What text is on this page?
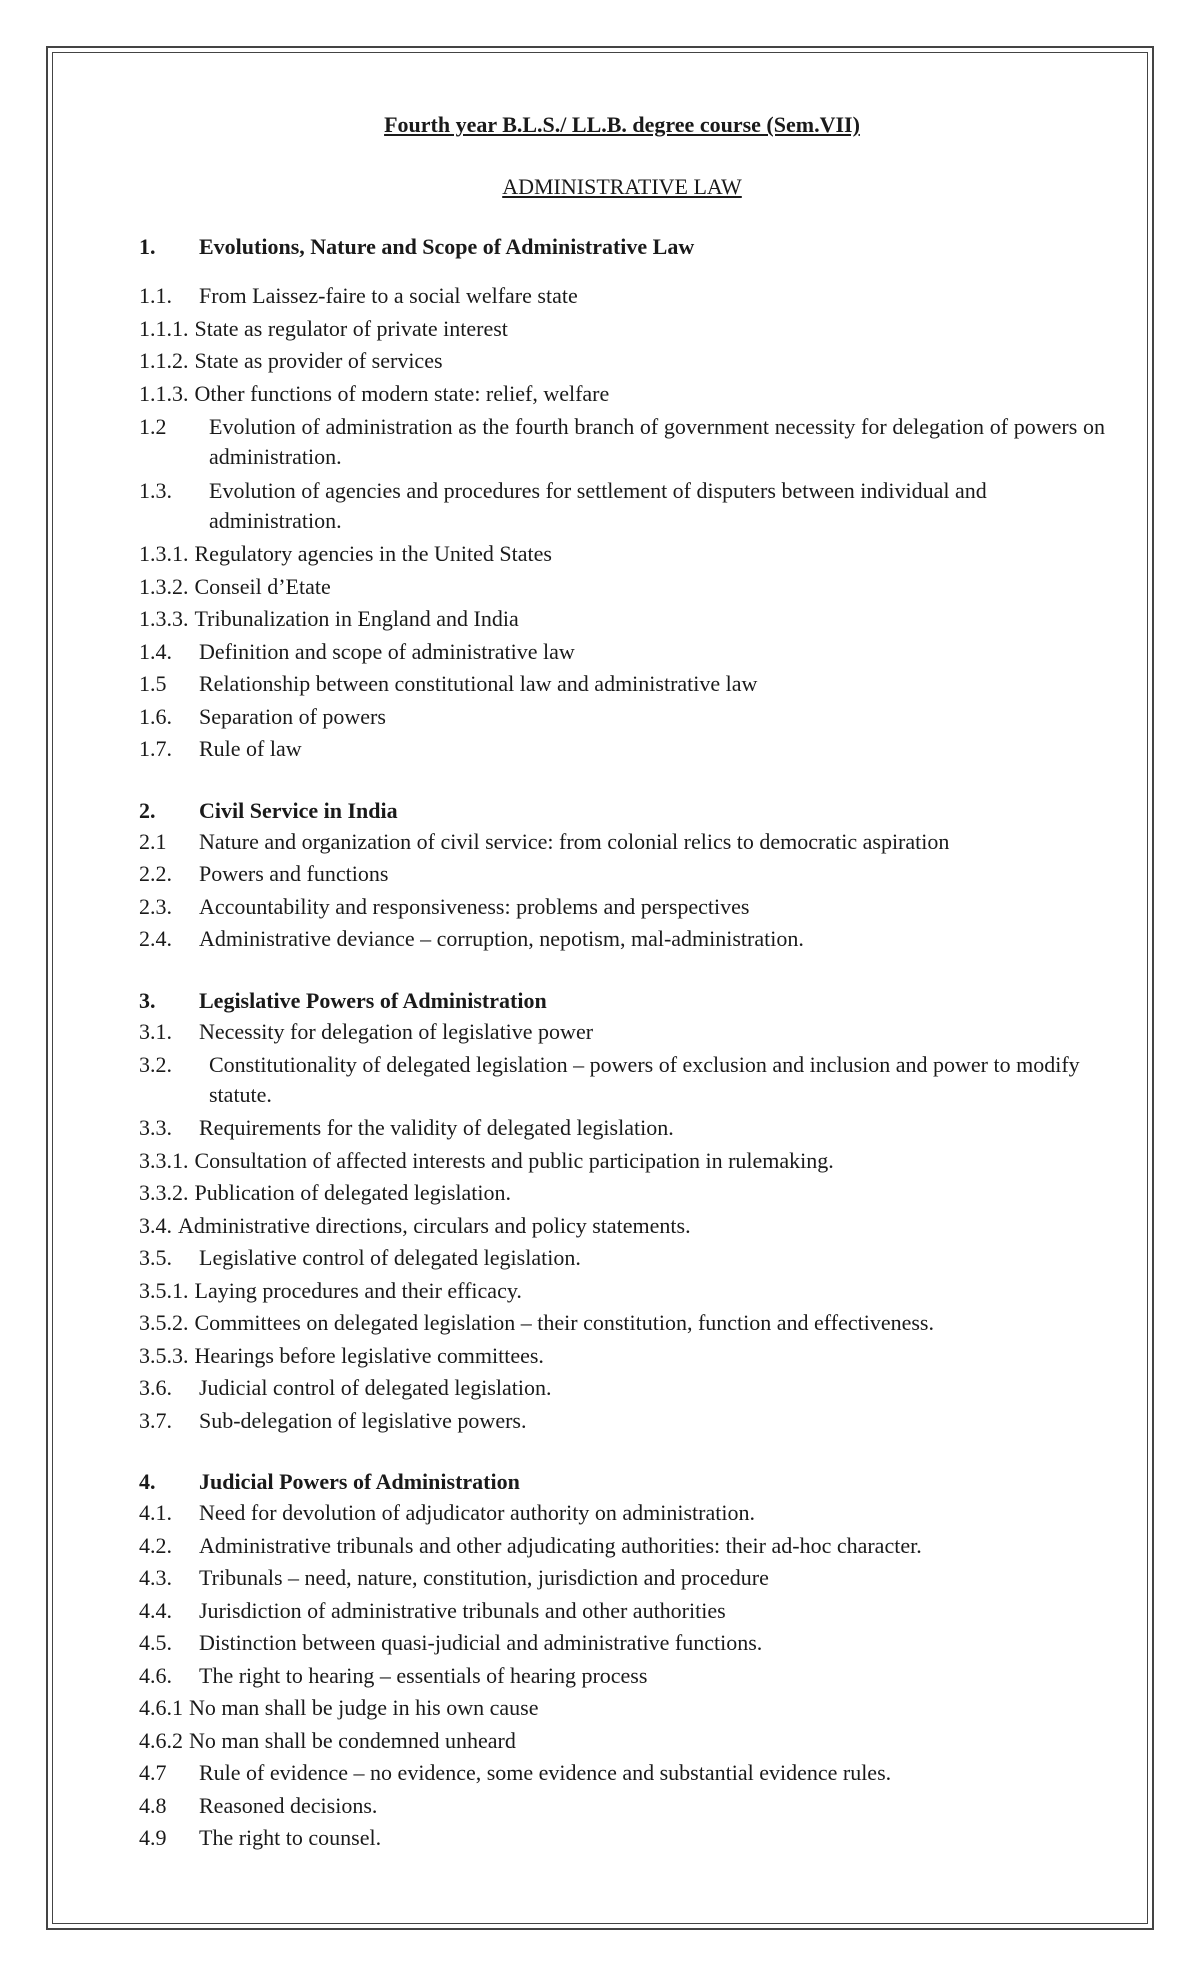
Fourth year B.L.S./ LL.B. degree course (Sem.VII)

ADMINISTRATIVE LAW

1.	Evolutions, Nature and Scope of Administrative Law
1.1.	From Laissez-faire to a social welfare state
1.1.1. State as regulator of private interest
1.1.2. State as provider of services
1.1.3. Other functions of modern state: relief, welfare
1.2	Evolution of administration as the fourth branch of government necessity for delegation of powers on administration.
1.3.	Evolution of agencies and procedures for settlement of disputers between individual and administration.
1.3.1. Regulatory agencies in the United States
1.3.2. Conseil d’Etate
1.3.3. Tribunalization in England and India
1.4.	Definition and scope of administrative law
1.5	Relationship between constitutional law and administrative law
1.6.	Separation of powers
1.7.	Rule of law
2.	Civil Service in India
2.1	Nature and organization of civil service: from colonial relics to democratic aspiration
2.2.	Powers and functions
2.3.	Accountability and responsiveness: problems and perspectives
2.4.	Administrative deviance – corruption, nepotism, mal-administration.
3.	Legislative Powers of Administration
3.1.	Necessity for delegation of legislative power
3.2.	Constitutionality of delegated legislation – powers of exclusion and inclusion and power to modify statute.
3.3.	Requirements for the validity of delegated legislation.
3.3.1. Consultation of affected interests and public participation in rulemaking.
3.3.2. Publication of delegated legislation.
3.4. Administrative directions, circulars and policy statements.
3.5.	Legislative control of delegated legislation.
3.5.1. Laying procedures and their efficacy.
3.5.2. Committees on delegated legislation – their constitution, function and effectiveness.
3.5.3. Hearings before legislative committees.
3.6.	Judicial control of delegated legislation.
3.7.	Sub-delegation of legislative powers.
4.	Judicial Powers of Administration
4.1.	Need for devolution of adjudicator authority on administration.
4.2.	Administrative tribunals and other adjudicating authorities: their ad-hoc character.
4.3.	Tribunals – need, nature, constitution, jurisdiction and procedure
4.4.	Jurisdiction of administrative tribunals and other authorities
4.5.	Distinction between quasi-judicial and administrative functions.
4.6.	The right to hearing – essentials of hearing process
4.6.1 No man shall be judge in his own cause
4.6.2 No man shall be condemned unheard
4.7	Rule of evidence – no evidence, some evidence and substantial evidence rules.
4.8	Reasoned decisions.
4.9	The right to counsel.
